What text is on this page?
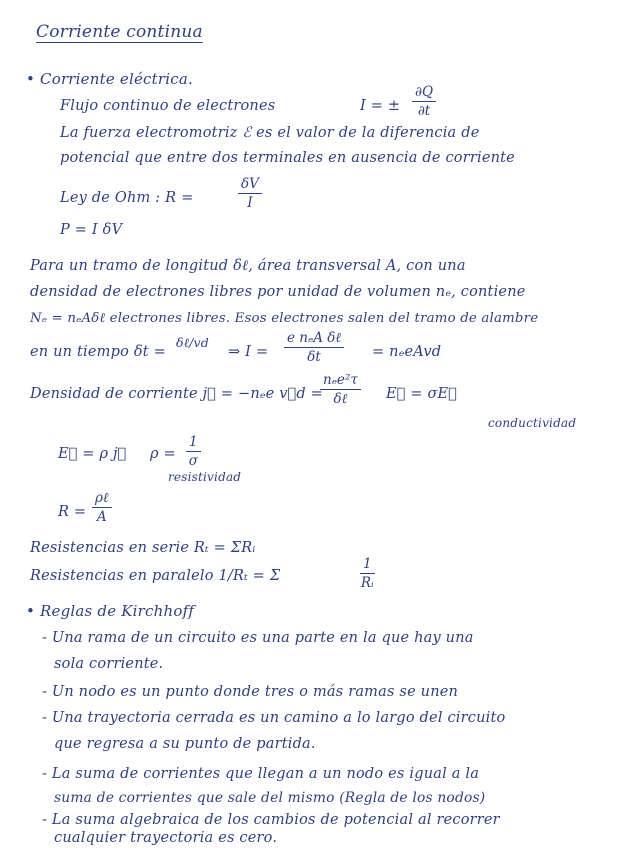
Corriente continua
• Corriente eléctrica.
Flujo continuo de electrones	I = ± $\frac{\partial Q}{\partial t}$
La fuerza electromotriz ℰ es el valor de la diferencia de
potencial que entre dos terminales en ausencia de corriente
Ley de Ohm : R =	$\frac{\delta V}{I}$
P = I δV
Para un tramo de longitud δℓ, área transversal A, con una
densidad de electrones libres por unidad de volumen nₑ, contiene
Nₑ = nₑAδℓ electrones libres. Esos electrones salen del tramo de alambre
en un tiempo δt =
δℓ/vd
⇒ I =
e nₑA δℓ
δt	= nₑeAvd
Densidad de corriente j⃗ = −nₑe v⃗d =
nₑe²τ
δℓ	E⃗ = σE⃗
conductividad
E⃗ = ρ j⃗ $\rho = \frac{1}{\sigma}$
resistividad
R =
ρℓ
A
Resistencias en serie Rₜ = ΣRᵢ
Resistencias en paralelo 1/Rₜ = Σ	$\frac{1}{\text{Rᵢ}}$
• Reglas de Kirchhoff
- Una rama de un circuito es una parte en la que hay una
sola corriente.
- Un nodo es un punto donde tres o más ramas se unen
- Una trayectoria cerrada es un camino a lo largo del circuito
que regresa a su punto de partida.
- La suma de corrientes que llegan a un nodo es igual a la
suma de corrientes que sale del mismo (Regla de los nodos)
- La suma algebraica de los cambios de potencial al recorrer
cualquier trayectoria es cero.
